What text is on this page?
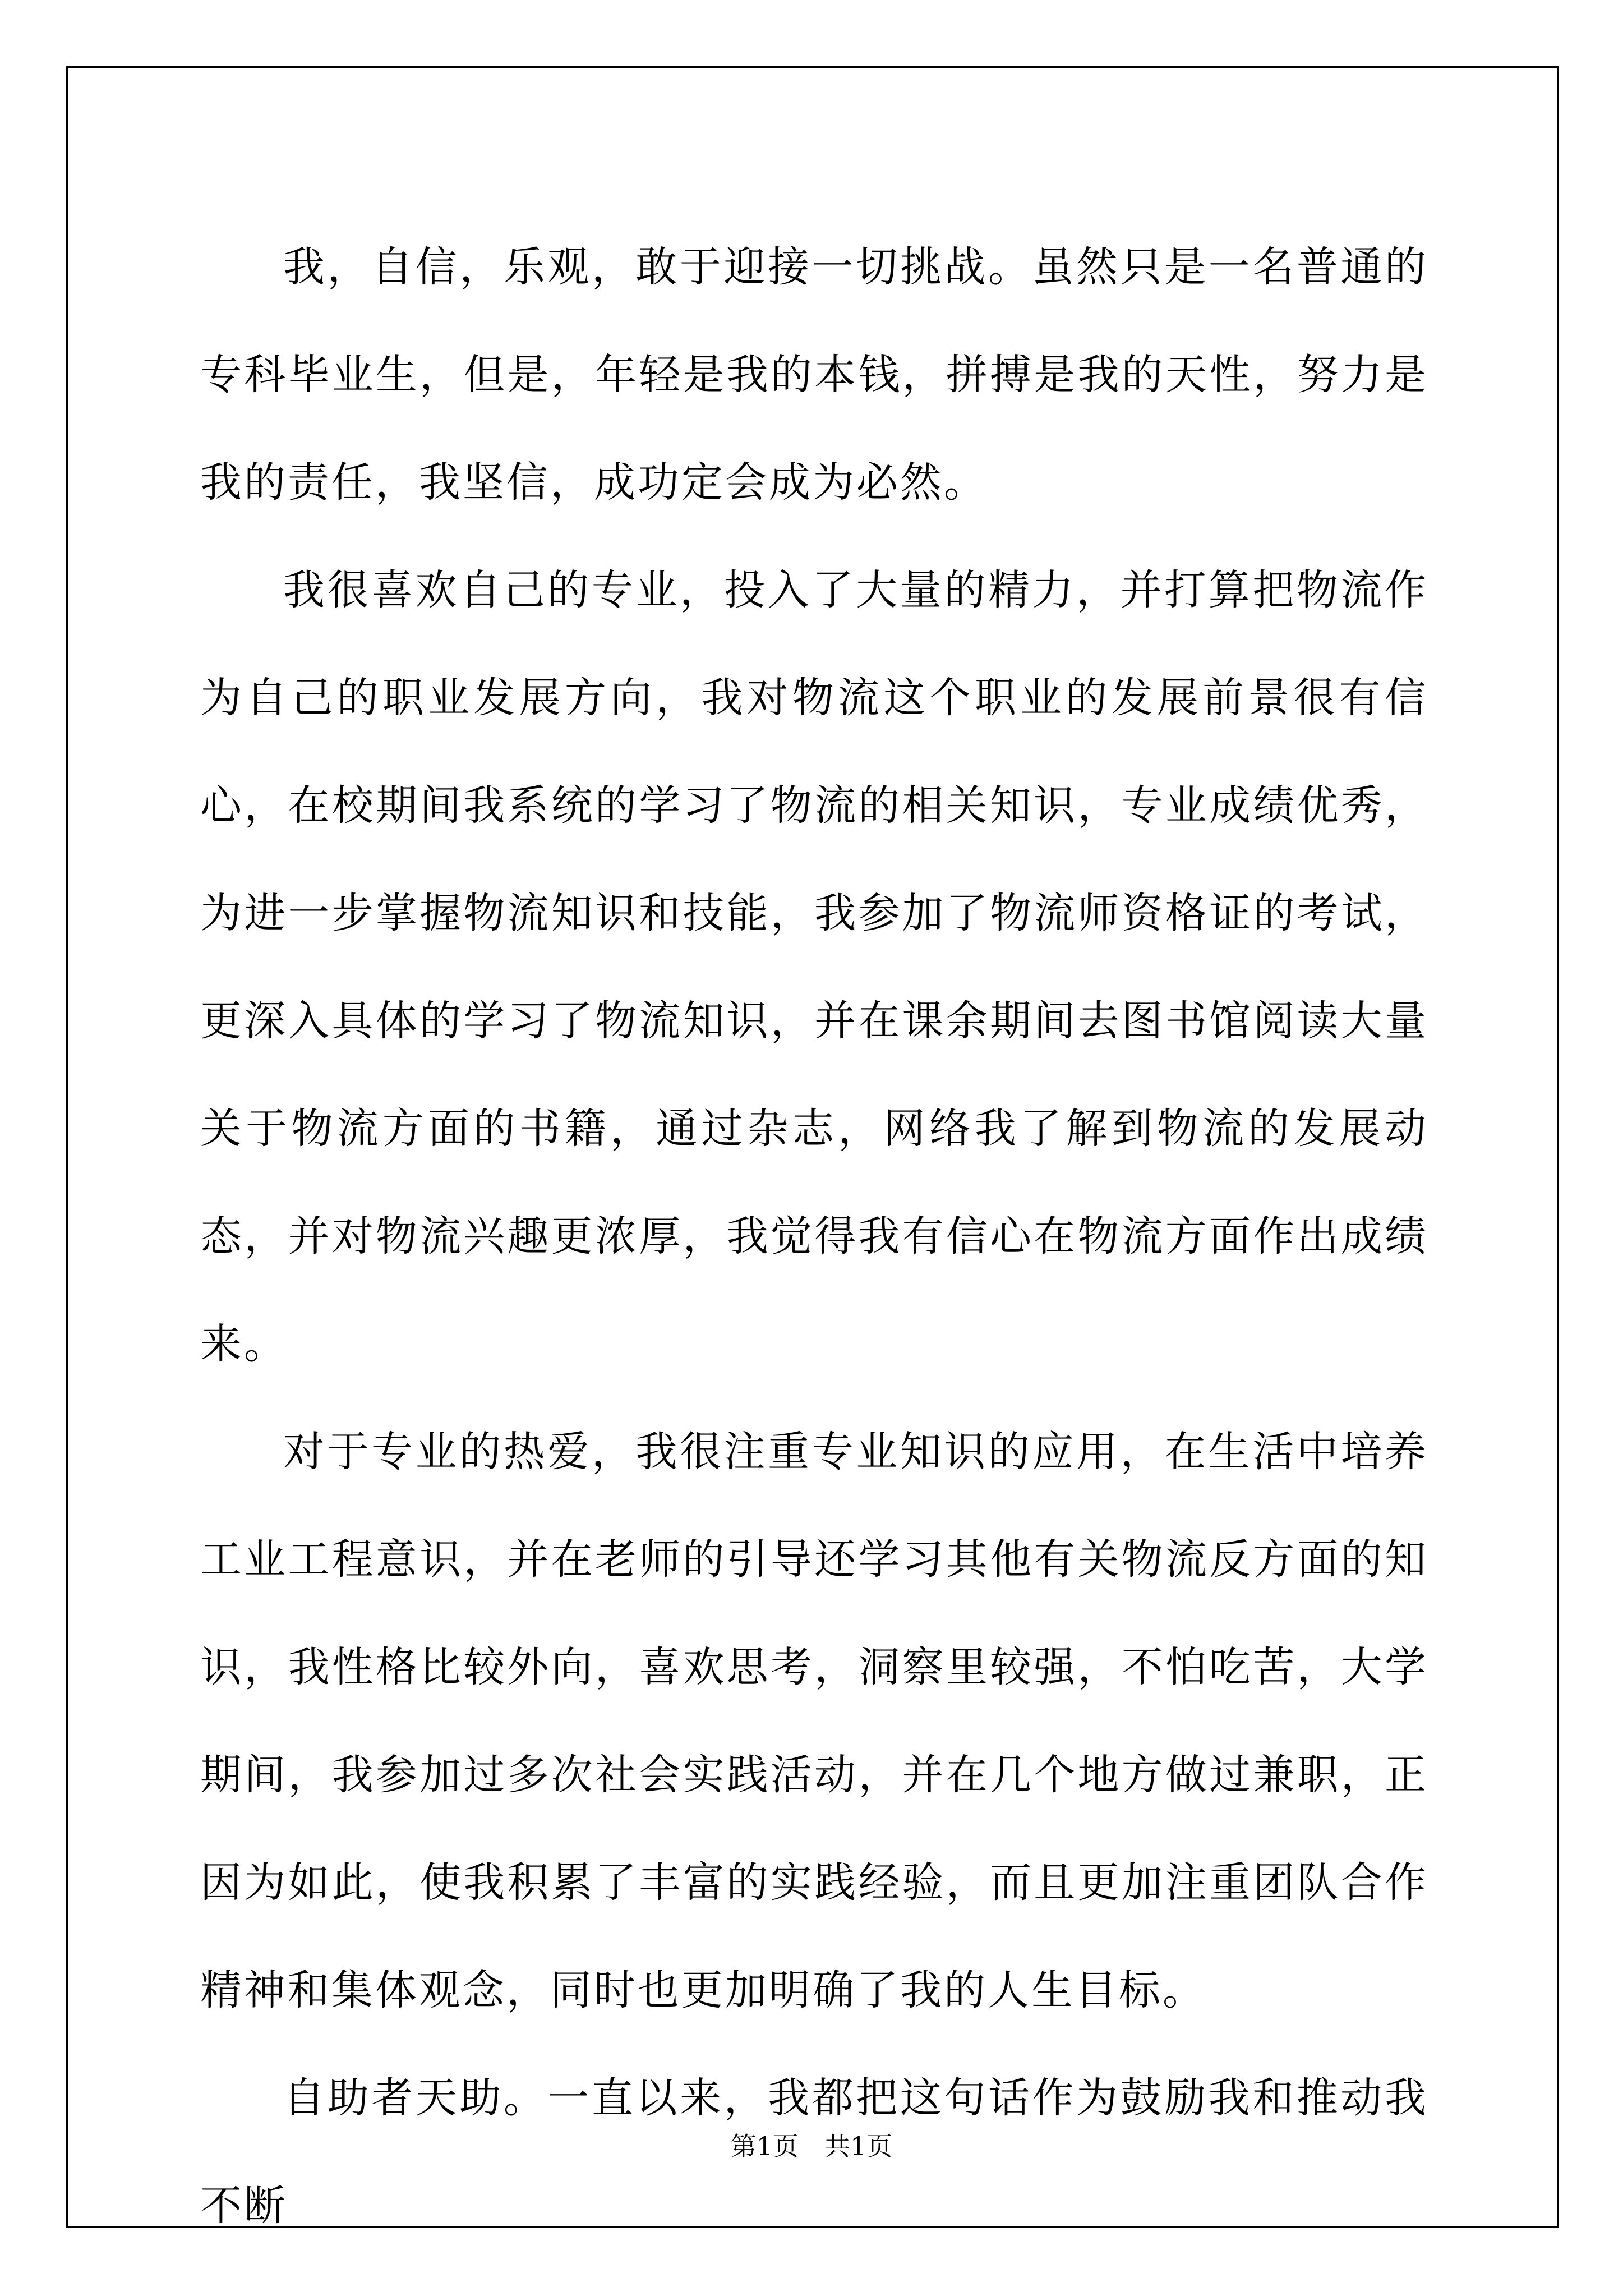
我，自信，乐观，敢于迎接一切挑战。虽然只是一名普通的专科毕业生，但是，年轻是我的本钱，拼搏是我的天性，努力是我的责任，我坚信，成功定会成为必然。

我很喜欢自己的专业，投入了大量的精力，并打算把物流作为自己的职业发展方向，我对物流这个职业的发展前景很有信心，在校期间我系统的学习了物流的相关知识，专业成绩优秀，为进一步掌握物流知识和技能，我参加了物流师资格证的考试，更深入具体的学习了物流知识，并在课余期间去图书馆阅读大量关于物流方面的书籍，通过杂志，网络我了解到物流的发展动态，并对物流兴趣更浓厚，我觉得我有信心在物流方面作出成绩来。

对于专业的热爱，我很注重专业知识的应用，在生活中培养工业工程意识，并在老师的引导还学习其他有关物流反方面的知识，我性格比较外向，喜欢思考，洞察里较强，不怕吃苦，大学期间，我参加过多次社会实践活动，并在几个地方做过兼职，正因为如此，使我积累了丰富的实践经验，而且更加注重团队合作精神和集体观念，同时也更加明确了我的人生目标。

自助者天助。一直以来，我都把这句话作为鼓励我和推动我不断

第1页　共1页
